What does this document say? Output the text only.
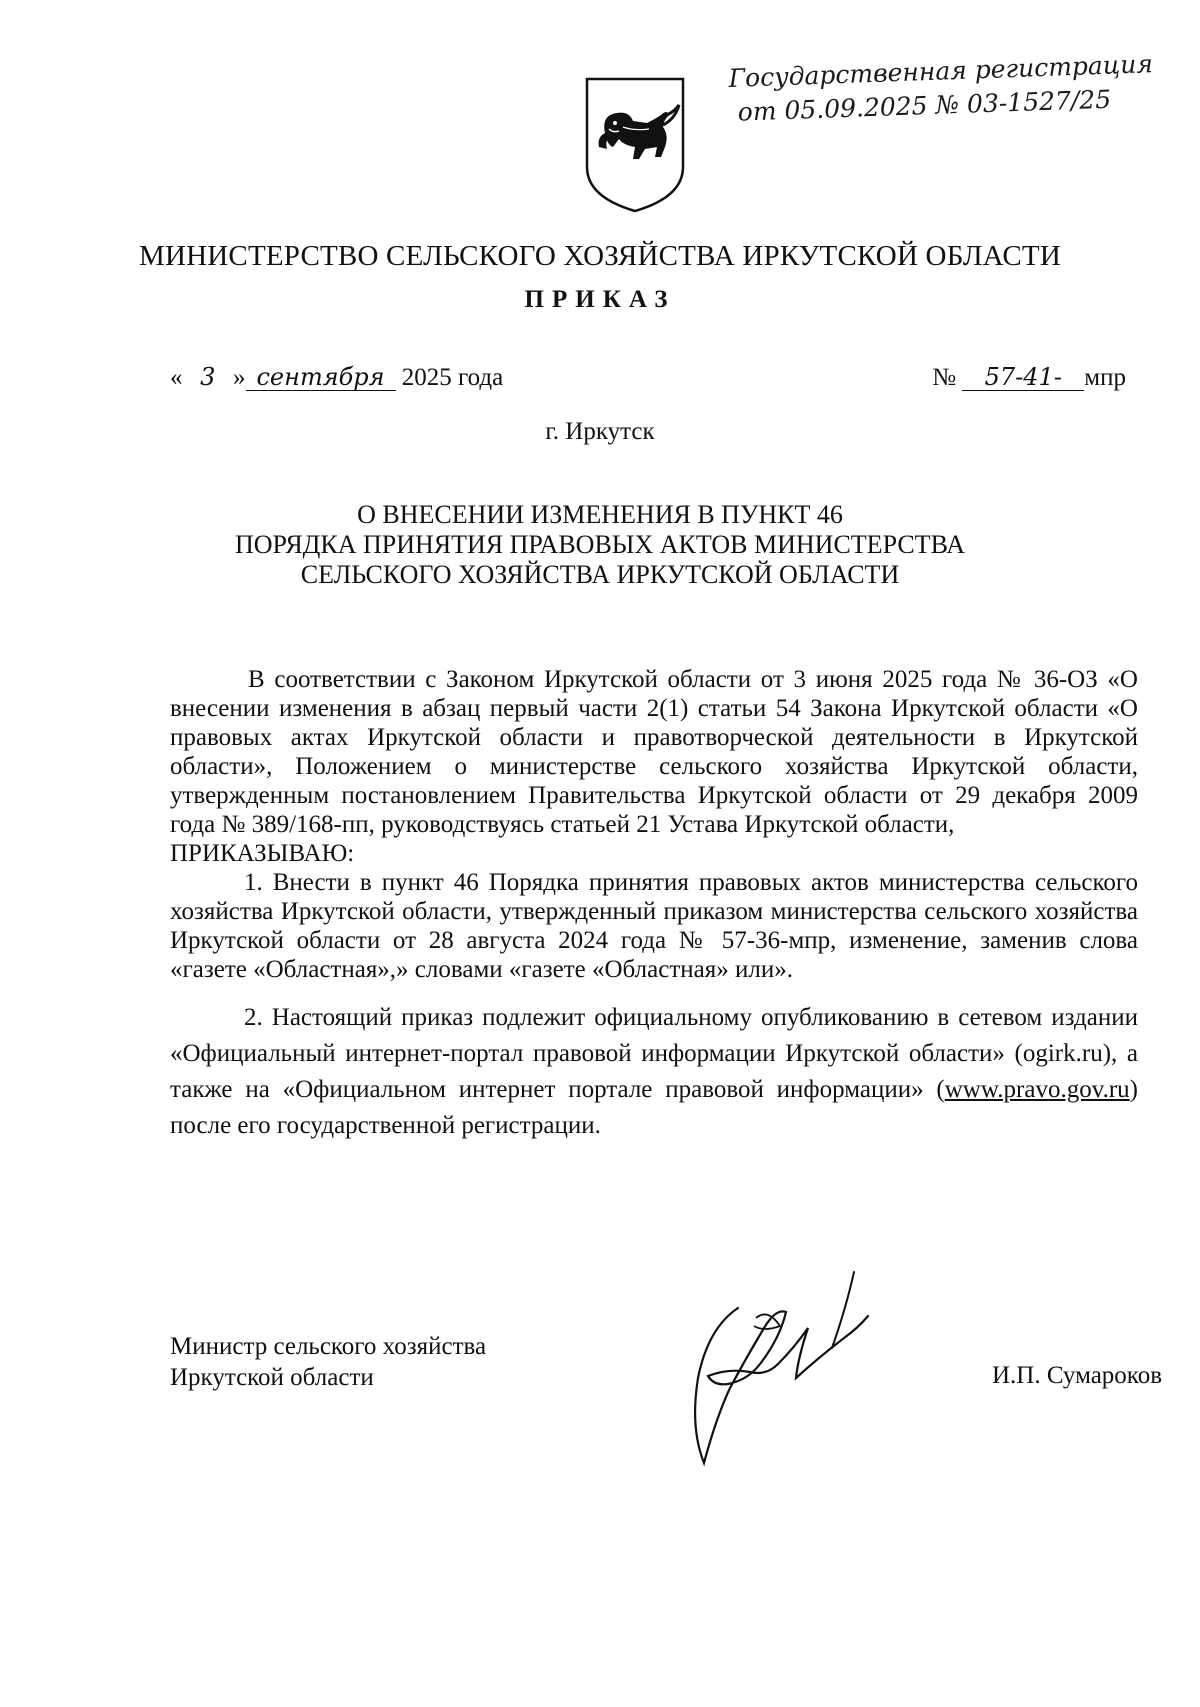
Государственная регистрация
от 05.09.2025 № 03-1527/25
МИНИСТЕРСТВО СЕЛЬСКОГО ХОЗЯЙСТВА ИРКУТСКОЙ ОБЛАСТИ
ПРИКАЗ
« 3 » сентября 2025 года	№ 57-41- мпр
г. Иркутск
О ВНЕСЕНИИ ИЗМЕНЕНИЯ В ПУНКТ 46
ПОРЯДКА ПРИНЯТИЯ ПРАВОВЫХ АКТОВ МИНИСТЕРСТВА
СЕЛЬСКОГО ХОЗЯЙСТВА ИРКУТСКОЙ ОБЛАСТИ

В соответствии с Законом Иркутской области от 3 июня 2025 года № 36-ОЗ «О внесении изменения в абзац первый части 2(1) статьи 54 Закона Иркутской области «О правовых актах Иркутской области и правотворческой деятельности в Иркутской области», Положением о министерстве сельского хозяйства Иркутской области, утвержденным постановлением Правительства Иркутской области от 29 декабря 2009 года № 389/168-пп, руководствуясь статьей 21 Устава Иркутской области,

ПРИКАЗЫВАЮ:

1. Внести в пункт 46 Порядка принятия правовых актов министерства сельского хозяйства Иркутской области, утвержденный приказом министерства сельского хозяйства Иркутской области от 28 августа 2024 года № 57-36-мпр, изменение, заменив слова «газете «Областная»,» словами «газете «Областная» или».

2. Настоящий приказ подлежит официальному опубликованию в сетевом издании «Официальный интернет-портал правовой информации Иркутской области» (ogirk.ru), а также на «Официальном интернет портале правовой информации» (www.pravo.gov.ru) после его государственной регистрации.

Министр сельского хозяйства
Иркутской области	И.П. Сумароков
